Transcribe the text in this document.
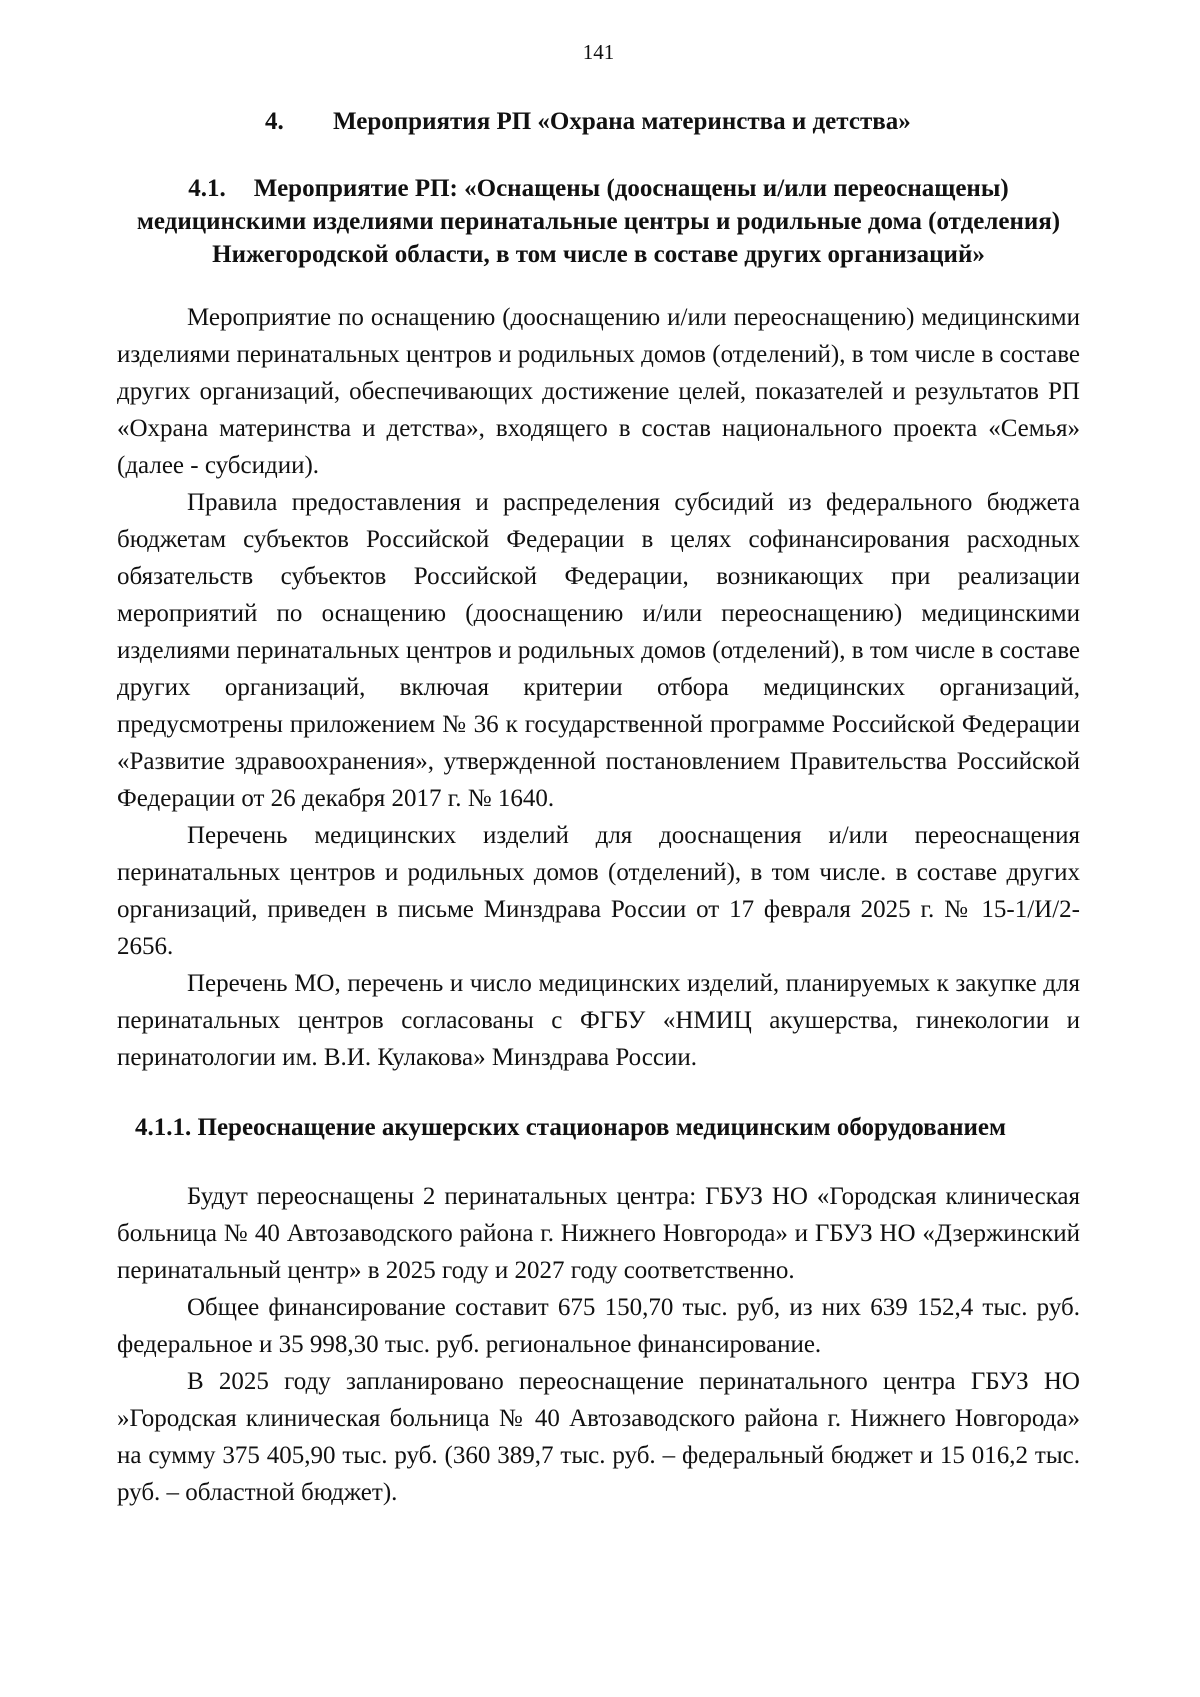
141
4. Мероприятия РП «Охрана материнства и детства»
4.1. Мероприятие РП: «Оснащены (дооснащены и/или переоснащены) медицинскими изделиями перинатальные центры и родильные дома (отделения) Нижегородской области, в том числе в составе других организаций»

Мероприятие по оснащению (дооснащению и/или переоснащению) медицинскими изделиями перинатальных центров и родильных домов (отделений), в том числе в составе других организаций, обеспечивающих достижение целей, показателей и результатов РП «Охрана материнства и детства», входящего в состав национального проекта «Семья» (далее - субсидии).

Правила предоставления и распределения субсидий из федерального бюджета бюджетам субъектов Российской Федерации в целях софинансирования расходных обязательств субъектов Российской Федерации, возникающих при реализации мероприятий по оснащению (дооснащению и/или переоснащению) медицинскими изделиями перинатальных центров и родильных домов (отделений), в том числе в составе других организаций, включая критерии отбора медицинских организаций, предусмотрены приложением № 36 к государственной программе Российской Федерации «Развитие здравоохранения», утвержденной постановлением Правительства Российской Федерации от 26 декабря 2017 г. № 1640.

Перечень медицинских изделий для дооснащения и/или переоснащения перинатальных центров и родильных домов (отделений), в том числе. в составе других организаций, приведен в письме Минздрава России от 17 февраля 2025 г. № 15-1/И/2-2656.

Перечень МО, перечень и число медицинских изделий, планируемых к закупке для перинатальных центров согласованы с ФГБУ «НМИЦ акушерства, гинекологии и перинатологии им. В.И. Кулакова» Минздрава России.

4.1.1. Переоснащение акушерских стационаров медицинским оборудованием

Будут переоснащены 2 перинатальных центра: ГБУЗ НО «Городская клиническая больница № 40 Автозаводского района г. Нижнего Новгорода» и ГБУЗ НО «Дзержинский перинатальный центр» в 2025 году и 2027 году соответственно.

Общее финансирование составит 675 150,70 тыс. руб, из них 639 152,4 тыс. руб. федеральное и 35 998,30 тыс. руб. региональное финансирование.

В 2025 году запланировано переоснащение перинатального центра ГБУЗ НО »Городская клиническая больница № 40 Автозаводского района г. Нижнего Новгорода» на сумму 375 405,90 тыс. руб. (360 389,7 тыс. руб. – федеральный бюджет и 15 016,2 тыс. руб. – областной бюджет).
